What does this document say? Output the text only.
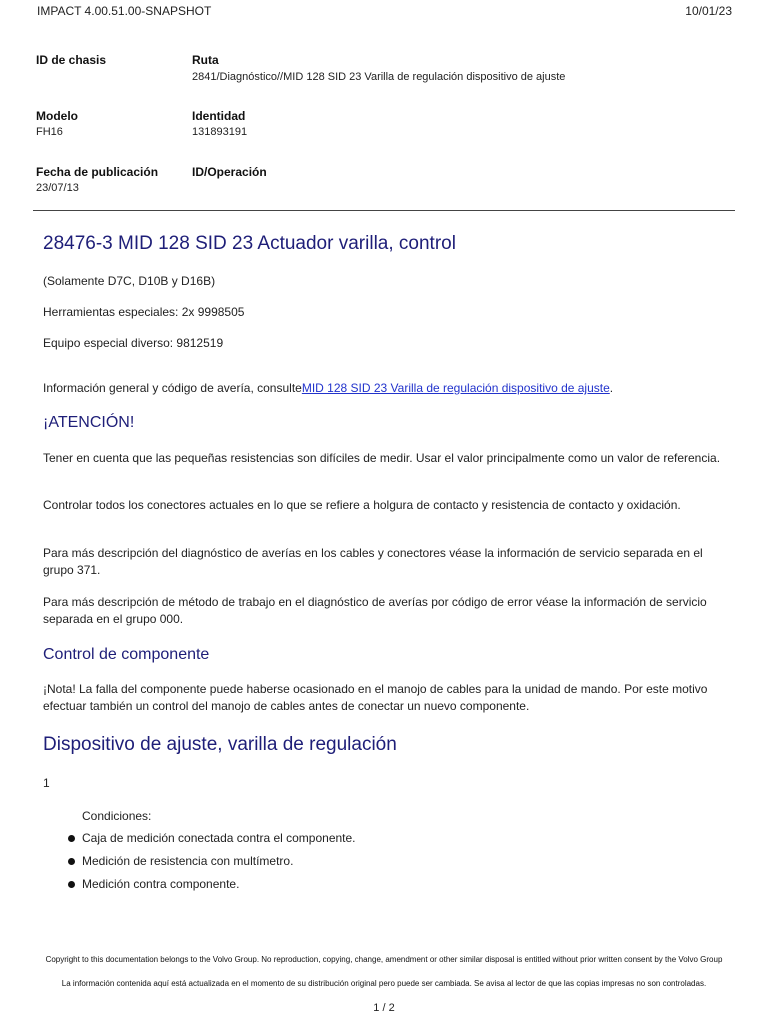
IMPACT 4.00.51.00-SNAPSHOT	10/01/23
ID de chasis	Ruta
2841/Diagnóstico//MID 128 SID 23 Varilla de regulación dispositivo de ajuste
Modelo
FH16
Identidad
131893191
Fecha de publicación
23/07/13
ID/Operación
28476-3 MID 128 SID 23 Actuador varilla, control
(Solamente D7C, D10B y D16B)
Herramientas especiales: 2x 9998505
Equipo especial diverso: 9812519
Información general y código de avería, consulteMID 128 SID 23 Varilla de regulación dispositivo de ajuste.
¡ATENCIÓN!
Tener en cuenta que las pequeñas resistencias son difíciles de medir. Usar el valor principalmente como un valor de referencia.
Controlar todos los conectores actuales en lo que se refiere a holgura de contacto y resistencia de contacto y oxidación.
Para más descripción del diagnóstico de averías en los cables y conectores véase la información de servicio separada en el grupo 371.
Para más descripción de método de trabajo en el diagnóstico de averías por código de error véase la información de servicio separada en el grupo 000.
Control de componente
¡Nota! La falla del componente puede haberse ocasionado en el manojo de cables para la unidad de mando. Por este motivo efectuar también un control del manojo de cables antes de conectar un nuevo componente.
Dispositivo de ajuste, varilla de regulación
1
Condiciones:
Caja de medición conectada contra el componente.
Medición de resistencia con multímetro.
Medición contra componente.
Copyright to this documentation belongs to the Volvo Group. No reproduction, copying, change, amendment or other similar disposal is entitled without prior written consent by the Volvo Group
La información contenida aquí está actualizada en el momento de su distribución original pero puede ser cambiada. Se avisa al lector de que las copias impresas no son controladas.
1 / 2
